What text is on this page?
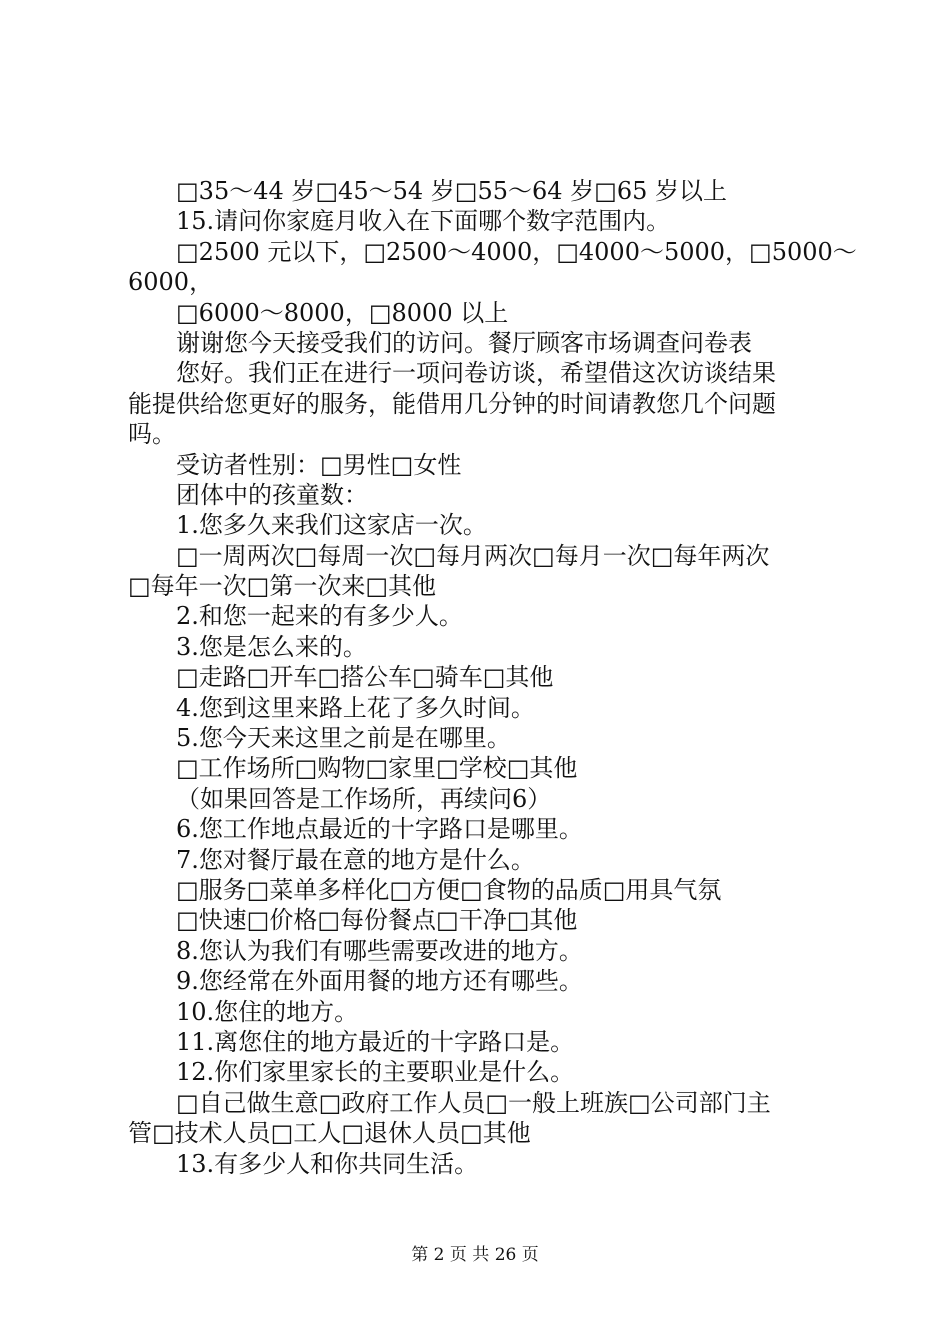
□35～44 岁□45～54 岁□55～64 岁□65 岁以上
15.请问你家庭月收入在下面哪个数字范围内。
□2500 元以下，□2500～4000，□4000～5000，□5000～
6000，
□6000～8000，□8000 以上
谢谢您今天接受我们的访问。餐厅顾客市场调查问卷表
您好。我们正在进行一项问卷访谈，希望借这次访谈结果
能提供给您更好的服务，能借用几分钟的时间请教您几个问题
吗。
受访者性别：□男性□女性
团体中的孩童数：
1.您多久来我们这家店一次。
□一周两次□每周一次□每月两次□每月一次□每年两次
□每年一次□第一次来□其他
2.和您一起来的有多少人。
3.您是怎么来的。
□走路□开车□搭公车□骑车□其他
4.您到这里来路上花了多久时间。
5.您今天来这里之前是在哪里。
□工作场所□购物□家里□学校□其他
（如果回答是工作场所，再续问6）
6.您工作地点最近的十字路口是哪里。
7.您对餐厅最在意的地方是什么。
□服务□菜单多样化□方便□食物的品质□用具气氛
□快速□价格□每份餐点□干净□其他
8.您认为我们有哪些需要改进的地方。
9.您经常在外面用餐的地方还有哪些。
10.您住的地方。
11.离您住的地方最近的十字路口是。
12.你们家里家长的主要职业是什么。
□自己做生意□政府工作人员□一般上班族□公司部门主
管□技术人员□工人□退休人员□其他
13.有多少人和你共同生活。
第 2 页 共 26 页
